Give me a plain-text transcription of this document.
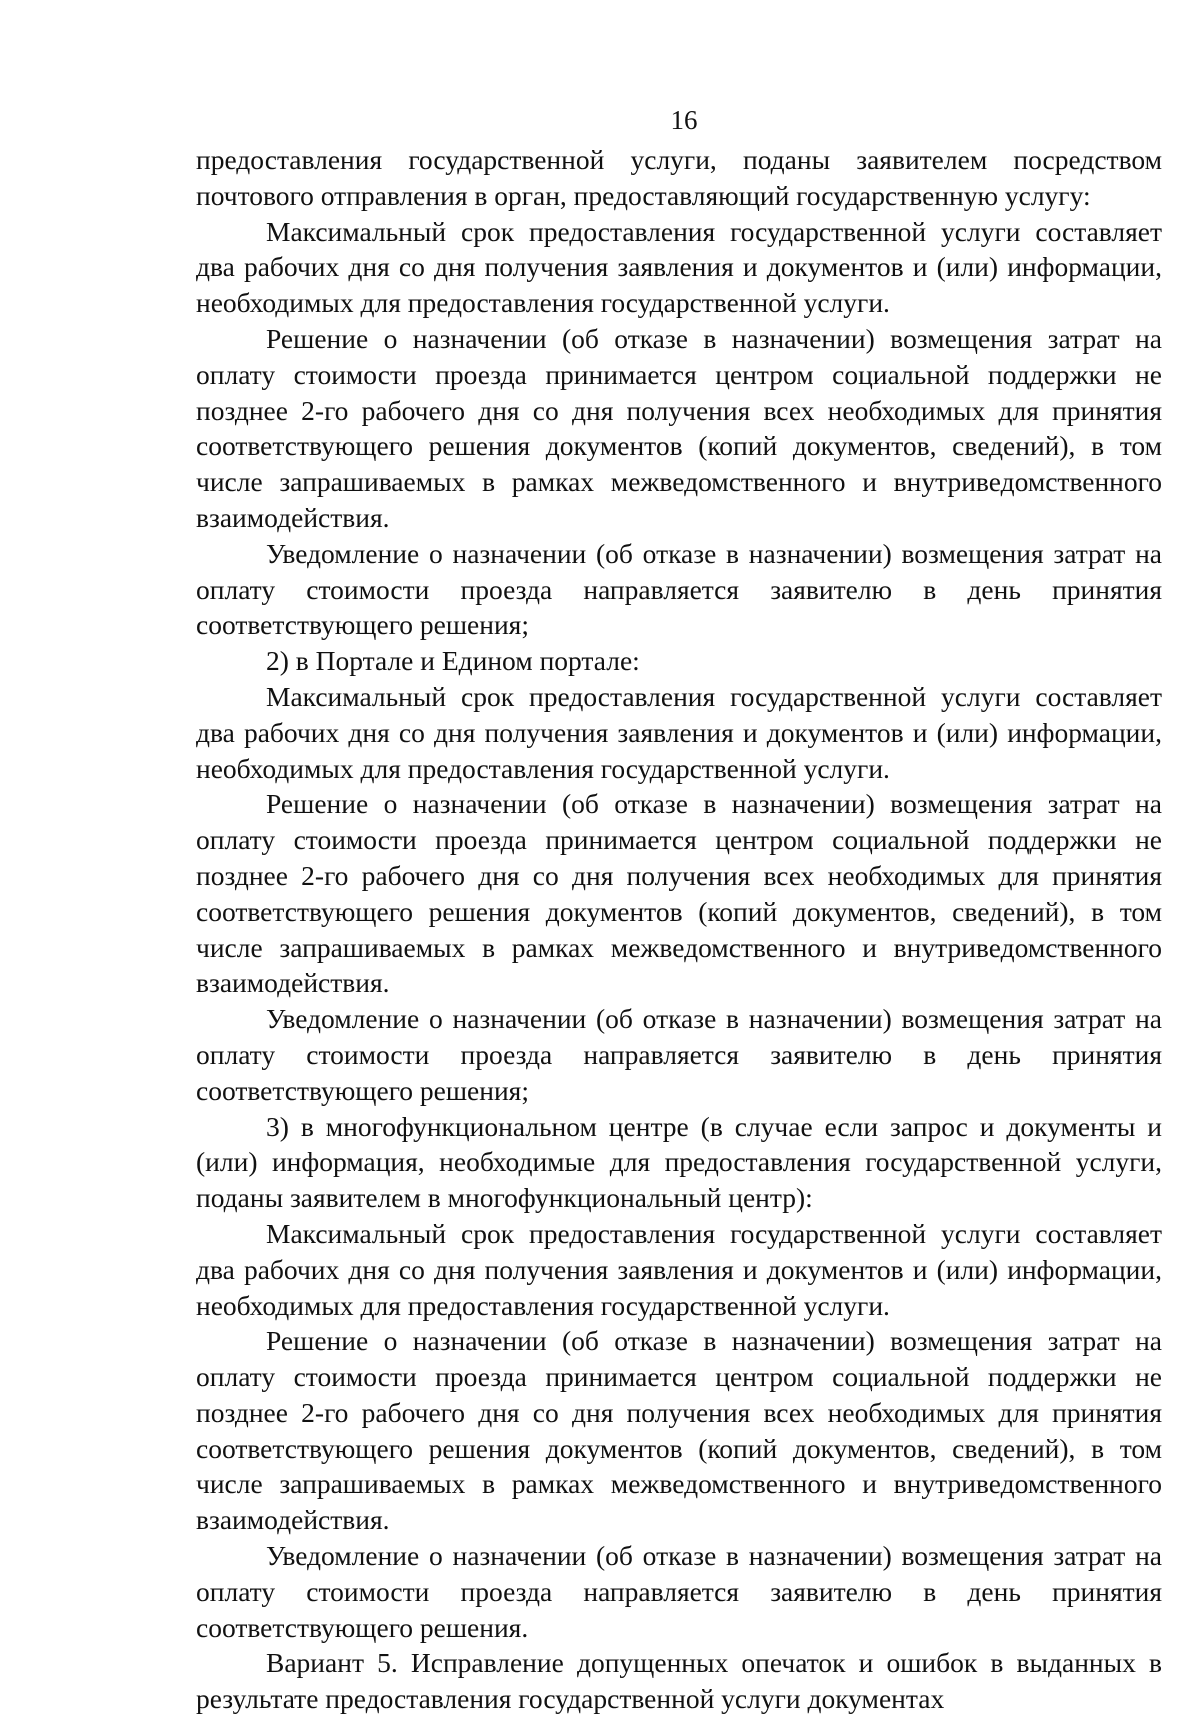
16

предоставления государственной услуги, поданы заявителем посредством почтового отправления в орган, предоставляющий государственную услугу:

Максимальный срок предоставления государственной услуги составляет два рабочих дня со дня получения заявления и документов и (или) информации, необходимых для предоставления государственной услуги.

Решение о назначении (об отказе в назначении) возмещения затрат на оплату стоимости проезда принимается центром социальной поддержки не позднее 2-го рабочего дня со дня получения всех необходимых для принятия соответствующего решения документов (копий документов, сведений), в том числе запрашиваемых в рамках межведомственного и внутриведомственного взаимодействия.

Уведомление о назначении (об отказе в назначении) возмещения затрат на оплату стоимости проезда направляется заявителю в день принятия соответствующего решения;

2) в Портале и Едином портале:

Максимальный срок предоставления государственной услуги составляет два рабочих дня со дня получения заявления и документов и (или) информации, необходимых для предоставления государственной услуги.

Решение о назначении (об отказе в назначении) возмещения затрат на оплату стоимости проезда принимается центром социальной поддержки не позднее 2-го рабочего дня со дня получения всех необходимых для принятия соответствующего решения документов (копий документов, сведений), в том числе запрашиваемых в рамках межведомственного и внутриведомственного взаимодействия.

Уведомление о назначении (об отказе в назначении) возмещения затрат на оплату стоимости проезда направляется заявителю в день принятия соответствующего решения;

3) в многофункциональном центре (в случае если запрос и документы и (или) информация, необходимые для предоставления государственной услуги, поданы заявителем в многофункциональный центр):

Максимальный срок предоставления государственной услуги составляет два рабочих дня со дня получения заявления и документов и (или) информации, необходимых для предоставления государственной услуги.

Решение о назначении (об отказе в назначении) возмещения затрат на оплату стоимости проезда принимается центром социальной поддержки не позднее 2-го рабочего дня со дня получения всех необходимых для принятия соответствующего решения документов (копий документов, сведений), в том числе запрашиваемых в рамках межведомственного и внутриведомственного взаимодействия.

Уведомление о назначении (об отказе в назначении) возмещения затрат на оплату стоимости проезда направляется заявителю в день принятия соответствующего решения.

Вариант 5. Исправление допущенных опечаток и ошибок в выданных в результате предоставления государственной услуги документах
